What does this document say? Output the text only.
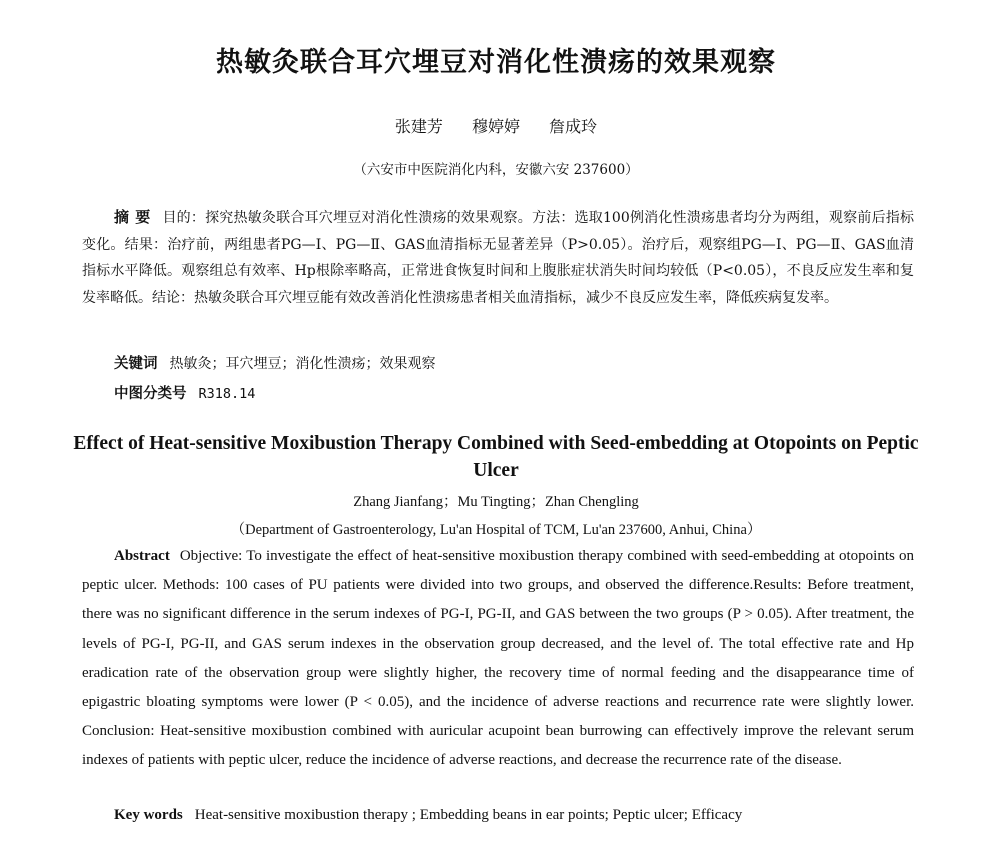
热敏灸联合耳穴埋豆对消化性溃疡的效果观察
张建芳 穆婷婷 詹成玲
（六安市中医院消化内科，安徽六安 237600）

摘要 目的：探究热敏灸联合耳穴埋豆对消化性溃疡的效果观察。方法：选取100例消化性溃疡患者均分为两组，观察前后指标变化。结果：治疗前，两组患者PG—Ⅰ、PG—Ⅱ、GAS血清指标无显著差异（P>0.05）。治疗后，观察组PG—Ⅰ、PG—Ⅱ、GAS血清指标水平降低。观察组总有效率、Hp根除率略高，正常进食恢复时间和上腹胀症状消失时间均较低（P<0.05），不良反应发生率和复发率略低。结论：热敏灸联合耳穴埋豆能有效改善消化性溃疡患者相关血清指标，减少不良反应发生率，降低疾病复发率。

关键词 热敏灸；耳穴埋豆；消化性溃疡；效果观察
中图分类号 R318.14
Effect of Heat-sensitive Moxibustion Therapy Combined with Seed-embedding at Otopoints on Peptic Ulcer
Zhang Jianfang；Mu Tingting；Zhan Chengling
（Department of Gastroenterology, Lu'an Hospital of TCM, Lu'an 237600, Anhui, China）

Abstract Objective: To investigate the effect of heat-sensitive moxibustion therapy combined with seed-embedding at otopoints on peptic ulcer. Methods: 100 cases of PU patients were divided into two groups, and observed the difference.Results: Before treatment, there was no significant difference in the serum indexes of PG-I, PG-II, and GAS between the two groups (P > 0.05). After treatment, the levels of PG-I, PG-II, and GAS serum indexes in the observation group decreased, and the level of. The total effective rate and Hp eradication rate of the observation group were slightly higher, the recovery time of normal feeding and the disappearance time of epigastric bloating symptoms were lower (P < 0.05), and the incidence of adverse reactions and recurrence rate were slightly lower. Conclusion: Heat-sensitive moxibustion combined with auricular acupoint bean burrowing can effectively improve the relevant serum indexes of patients with peptic ulcer, reduce the incidence of adverse reactions, and decrease the recurrence rate of the disease.

Key words Heat-sensitive moxibustion therapy ; Embedding beans in ear points; Peptic ulcer; Efficacy
